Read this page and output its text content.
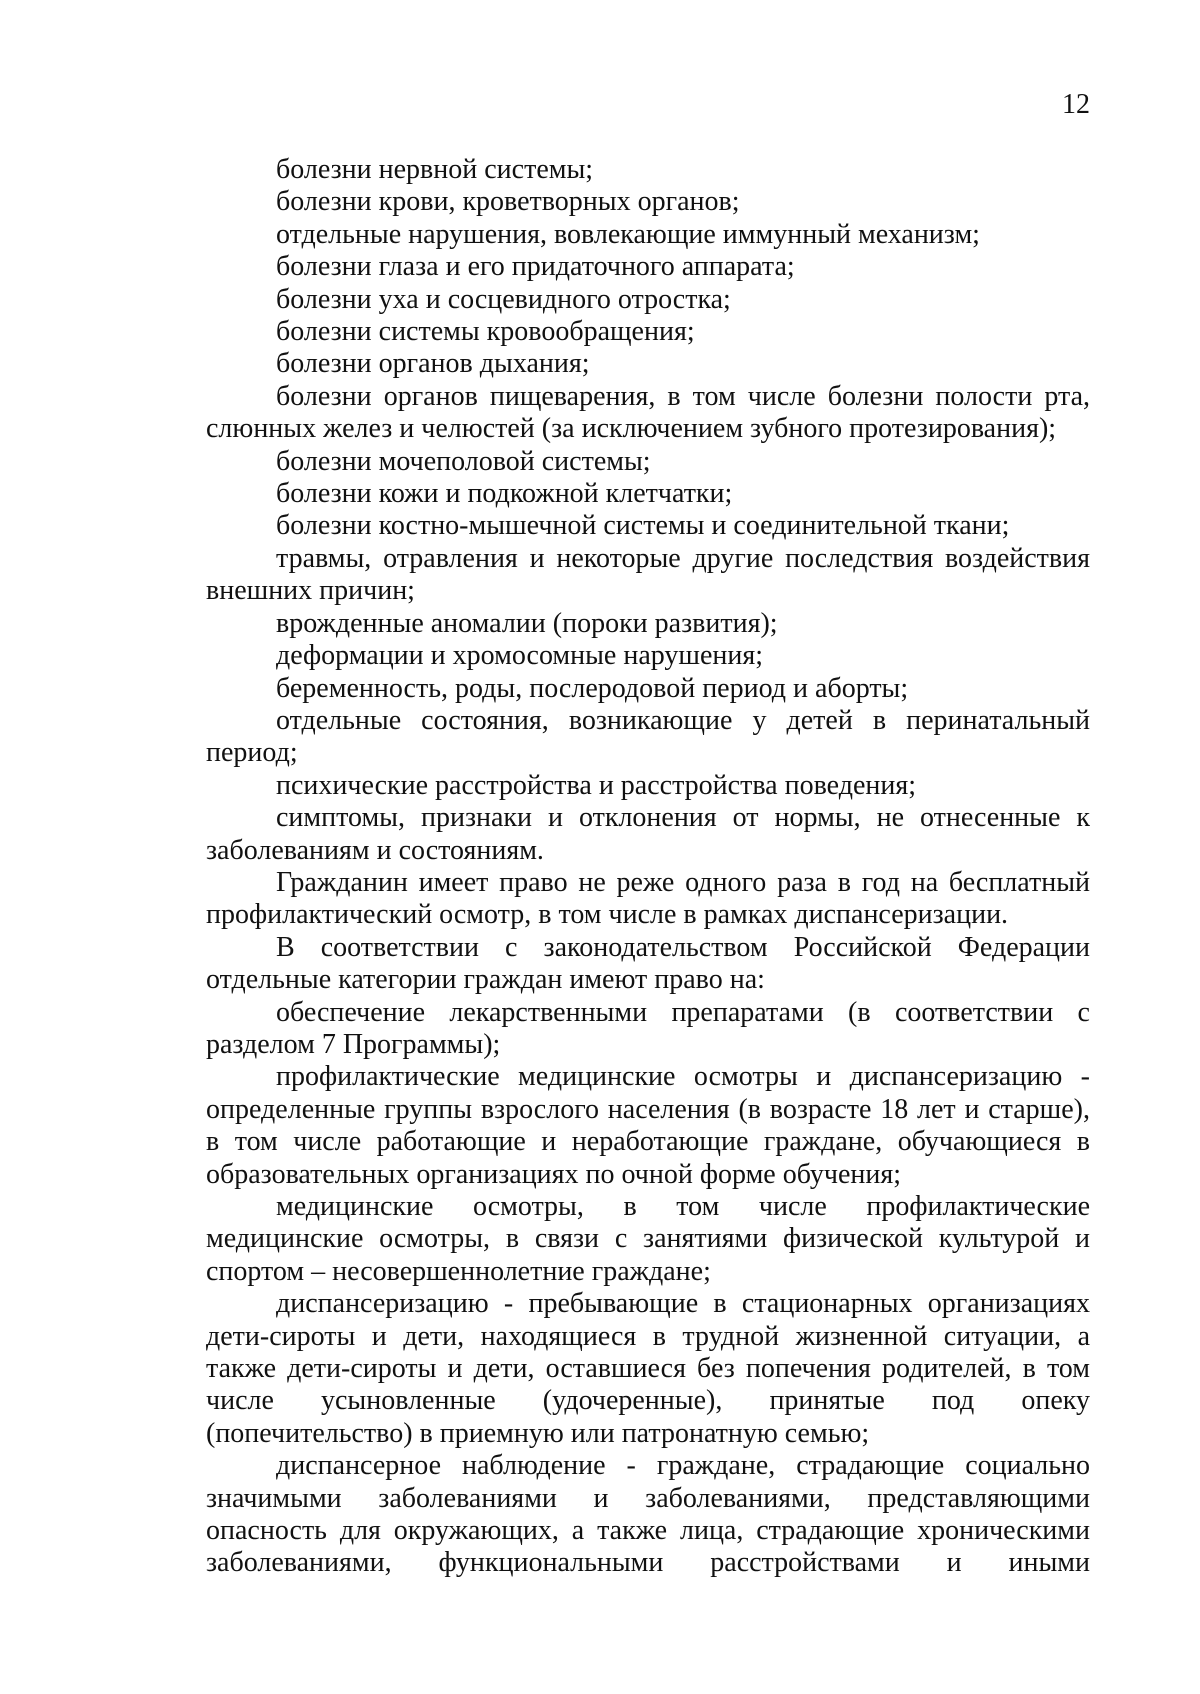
12

болезни нервной системы;

болезни крови, кроветворных органов;

отдельные нарушения, вовлекающие иммунный механизм;

болезни глаза и его придаточного аппарата;

болезни уха и сосцевидного отростка;

болезни системы кровообращения;

болезни органов дыхания;

болезни органов пищеварения, в том числе болезни полости рта, слюнных желез и челюстей (за исключением зубного протезирования);

болезни мочеполовой системы;

болезни кожи и подкожной клетчатки;

болезни костно-мышечной системы и соединительной ткани;

травмы, отравления и некоторые другие последствия воздействия внешних причин;

врожденные аномалии (пороки развития);

деформации и хромосомные нарушения;

беременность, роды, послеродовой период и аборты;

отдельные состояния, возникающие у детей в перинатальный период;

психические расстройства и расстройства поведения;

симптомы, признаки и отклонения от нормы, не отнесенные к заболеваниям и состояниям.

Гражданин имеет право не реже одного раза в год на бесплатный профилактический осмотр, в том числе в рамках диспансеризации.

В соответствии с законодательством Российской Федерации отдельные категории граждан имеют право на:

обеспечение лекарственными препаратами (в соответствии с разделом 7 Программы);

профилактические медицинские осмотры и диспансеризацию - определенные группы взрослого населения (в возрасте 18 лет и старше), в том числе работающие и неработающие граждане, обучающиеся в образовательных организациях по очной форме обучения;

медицинские осмотры, в том числе профилактические медицинские осмотры, в связи с занятиями физической культурой и спортом – несовершеннолетние граждане;

диспансеризацию - пребывающие в стационарных организациях дети-сироты и дети, находящиеся в трудной жизненной ситуации, а также дети-сироты и дети, оставшиеся без попечения родителей, в том числе усыновленные (удочеренные), принятые под опеку (попечительство) в приемную или патронатную семью;

диспансерное наблюдение - граждане, страдающие социально значимыми заболеваниями и заболеваниями, представляющими опасность для окружающих, а также лица, страдающие хроническими заболеваниями, функциональными расстройствами и иными
